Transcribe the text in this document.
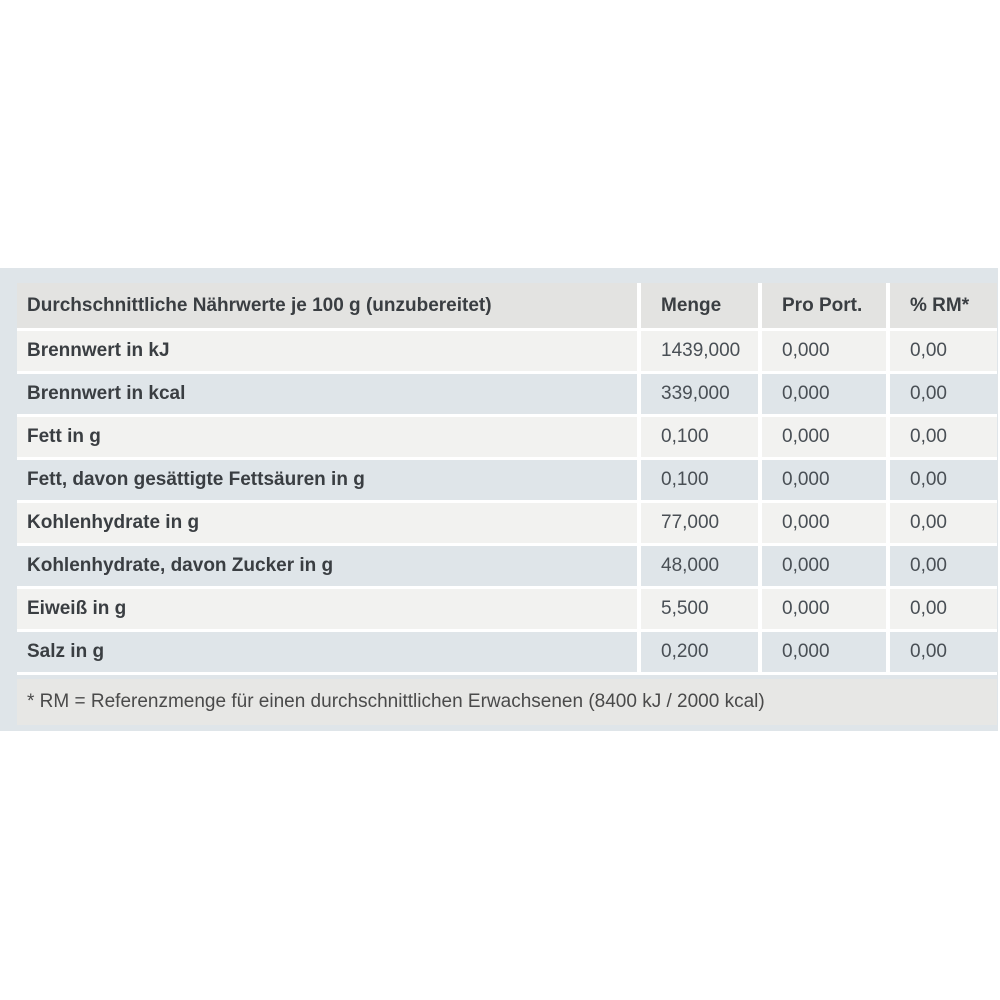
Durchschnittliche Nährwerte je 100 g (unzubereitet)	Menge	Pro Port.	% RM*
Brennwert in kJ	1439,000	0,000	0,00
Brennwert in kcal	339,000	0,000	0,00
Fett in g	0,100	0,000	0,00
Fett, davon gesättigte Fettsäuren in g	0,100	0,000	0,00
Kohlenhydrate in g	77,000	0,000	0,00
Kohlenhydrate, davon Zucker in g	48,000	0,000	0,00
Eiweiß in g	5,500	0,000	0,00
Salz in g	0,200	0,000	0,00
* RM = Referenzmenge für einen durchschnittlichen Erwachsenen (8400 kJ / 2000 kcal)
